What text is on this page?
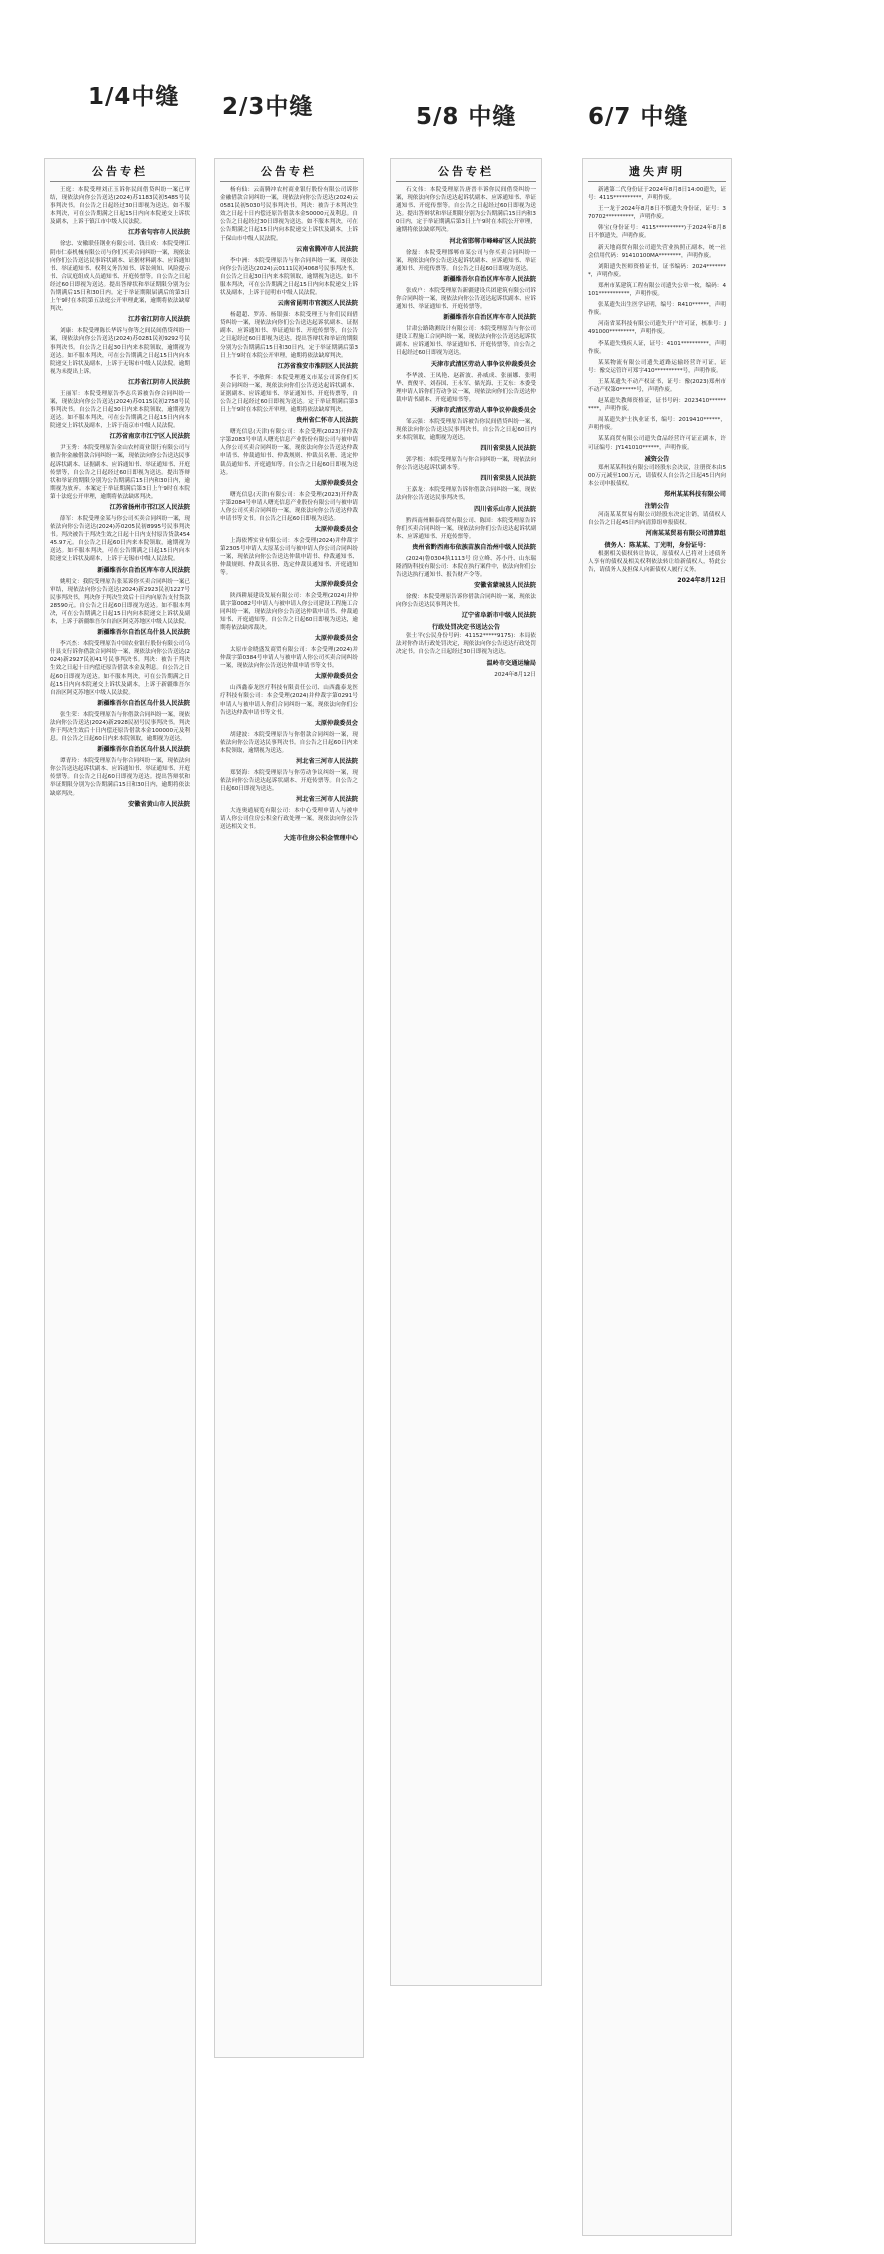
1/4中缝 2/3中缝	5/8 中缝	6/7 中缝
公告专栏
王庭：本院受理刘正玉诉你民间借贷纠纷一案已审结，现依法向你公告送达(2024)苏1183民初5485号民事判决书。自公告之日起经过30日即视为送达。如不服本判决，可在公告期满之日起15日内向本院递交上诉状及副本，上诉于镇江市中级人民法院。
江苏省句容市人民法院
徐忠、安徽联佳钢业有限公司、钱日成：本院受理江阴市仁泰机械有限公司与你们买卖合同纠纷一案，现依法向你们公告送达民事诉状副本、证据材料副本、应诉通知书、举证通知书、权利义务告知书、诉讼须知、风险提示书、合议庭组成人员通知书、开庭传票等。自公告之日起经过60日即视为送达。提出答辩状和举证期限分别为公告期满后15日和30日内。定于举证期限届满后的第3日上午9时在本院第五法庭公开审理此案，逾期将依法缺席判决。
江苏省江阴市人民法院
刘康：本院受理陈长华诉与你等之间民间借贷纠纷一案，现依法向你公告送达(2024)苏0281民初9292号民事判决书。自公告之日起30日内来本院领取，逾期视为送达。如不服本判决，可在公告期满之日起15日内向本院递交上诉状及副本，上诉于无锡市中级人民法院。逾期视为未提出上诉。
江苏省江阴市人民法院
王丽军：本院受理原告李志兵诉被告你合同纠纷一案，现依法向你公告送达(2024)苏0115民初2758号民事判决书。自公告之日起30日内来本院领取，逾期视为送达。如不服本判决，可在公告期满之日起15日内向本院递交上诉状及副本，上诉于南京市中级人民法院。
江苏省南京市江宁区人民法院
尹玉秀：本院受理原告金山农村商业银行有限公司与被告你金融借款合同纠纷一案，现依法向你公告送达民事起诉状副本、证据副本、应诉通知书、举证通知书、开庭传票等，自公告之日起经过60日即视为送达。提出答辩状和举证的期限分别为公告期满后15日内和30日内，逾期视为放弃。本案定于举证期满后第3日上午9时在本院第十法庭公开审理，逾期将依法缺席判决。
江苏省扬州市邗江区人民法院
薛军：本院受理金某与你公司买卖合同纠纷一案，现依法向你公告送达(2024)苏0205民初8995号民事判决书。判决被告于判决生效之日起十日内支付原告货款45445.97元。自公告之日起60日内来本院领取，逾期视为送达。如不服本判决，可在公告期满之日起15日内向本院递交上诉状及副本，上诉于无锡市中级人民法院。
新疆维吾尔自治区库车市人民法院
姚明文：我院受理原告张某诉你买卖合同纠纷一案已审结，现依法向你公告送达(2024)新2923民初1227号民事判决书，判决你于判决生效后十日内向原告支付货款28590元。自公告之日起60日即视为送达。如不服本判决，可在公告期满之日起15日内向本院递交上诉状及副本，上诉于新疆维吾尔自治区阿克苏地区中级人民法院。
新疆维吾尔自治区乌什县人民法院
李兴杰：本院受理原告中国农业银行股份有限公司乌什县支行诉你借款合同纠纷一案，现依法向你公告送达(2024)新2927民初41号民事判决书。判决：被告于判决生效之日起十日内偿还原告借款本金及利息。自公告之日起60日即视为送达。如不服本判决，可在公告期满之日起15日内向本院递交上诉状及副本，上诉于新疆维吾尔自治区阿克苏地区中级人民法院。
新疆维吾尔自治区乌什县人民法院
张生荣：本院受理原告与你借款合同纠纷一案，现依法向你公告送达(2024)新2928民初号民事判决书。判决你于判决生效后十日内偿还原告借款本金100000元及利息。自公告之日起60日内来本院领取，逾期视为送达。
新疆维吾尔自治区乌什县人民法院
谭青玲：本院受理原告与你合同纠纷一案，现依法向你公告送达起诉状副本、应诉通知书、举证通知书、开庭传票等。自公告之日起60日即视为送达。提出答辩状和举证期限分别为公告期满后15日和30日内，逾期将依法缺席判决。
安徽省黄山市人民法院
公告专栏
杨有仙：云南腾冲农村商业银行股份有限公司诉你金融借款合同纠纷一案，现依法向你公告送达(2024)云0581民初5030号民事判决书。判决：被告于本判决生效之日起十日内偿还原告借款本金50000元及利息。自公告之日起经过30日即视为送达。如不服本判决，可在公告期满之日起15日内向本院递交上诉状及副本，上诉于保山市中级人民法院。
云南省腾冲市人民法院
李中洲：本院受理原告与你合同纠纷一案，现依法向你公告送达(2024)云0111民初4068号民事判决书。自公告之日起30日内来本院领取，逾期视为送达。如不服本判决，可在公告期满之日起15日内向本院递交上诉状及副本，上诉于昆明市中级人民法院。
云南省昆明市官渡区人民法院
杨超超、罗涛、杨银强：本院受理王与你们民间借贷纠纷一案，现依法向你们公告送达起诉状副本、证据副本、应诉通知书、举证通知书、开庭传票等，自公告之日起经过60日即视为送达。提出答辩状和举证的期限分别为公告期满后15日和30日内，定于举证期满后第3日上午9时在本院公开审理，逾期将依法缺席判决。
江苏省淮安市淮阴区人民法院
李长平、李敏辉：本院受理遵义市某公司诉你们买卖合同纠纷一案，现依法向你们公告送达起诉状副本、证据副本、应诉通知书、举证通知书、开庭传票等，自公告之日起经过60日即视为送达。定于举证期满后第3日上午9时在本院公开审理，逾期将依法缺席判决。
贵州省仁怀市人民法院
曙光信息(天津)有限公司：本会受理(2023)开仲裁字第2083号申请人曙光信息产业股份有限公司与被申请人你公司买卖合同纠纷一案，现依法向你公告送达仲裁申请书、仲裁通知书、仲裁规则、仲裁员名册、选定仲裁员通知书、开庭通知等。自公告之日起60日即视为送达。
太原仲裁委员会
曙光信息(天津)有限公司：本会受理(2023)开仲裁字第2084号申请人曙光信息产业股份有限公司与被申请人你公司买卖合同纠纷一案，现依法向你公告送达仲裁申请书等文书。自公告之日起60日即视为送达。
太原仲裁委员会
上海依博实业有限公司：本会受理(2024)并仲裁字第2305号申请人太原某公司与被申请人你公司合同纠纷一案，现依法向你公告送达仲裁申请书、仲裁通知书、仲裁规则、仲裁员名册、选定仲裁员通知书、开庭通知等。
太原仲裁委员会
陕西耕展建设发展有限公司：本会受理(2024)并仲裁字第0082号申请人与被申请人你公司建设工程施工合同纠纷一案，现依法向你公告送达仲裁申请书、仲裁通知书、开庭通知等。自公告之日起60日即视为送达，逾期将依法缺席裁决。
太原仲裁委员会
太原市金晓盛发商贸有限公司：本会受理(2024)并仲裁字第0384号申请人与被申请人你公司买卖合同纠纷一案，现依法向你公告送达仲裁申请书等文书。
太原仲裁委员会
山西鑫泰龙医疗科技有限责任公司、山西鑫泰龙医疗科技有限公司：本会受理(2024)并仲裁字第0291号申请人与被申请人你们合同纠纷一案，现依法向你们公告送达仲裁申请书等文书。
太原仲裁委员会
胡建波：本院受理原告与你借款合同纠纷一案，现依法向你公告送达民事判决书。自公告之日起60日内来本院领取，逾期视为送达。
河北省三河市人民法院
郑贤海：本院受理原告与你劳动争议纠纷一案，现依法向你公告送达起诉状副本、开庭传票等。自公告之日起60日即视为送达。
河北省三河市人民法院
大连奥通展览有限公司：本中心受理申请人与被申请人你公司住房公积金行政处理一案，现依法向你公告送达相关文书。
大连市住房公积金管理中心
公告专栏
石文伟：本院受理原告唐晋丰诉你民间借贷纠纷一案，现依法向你公告送达起诉状副本、应诉通知书、举证通知书、开庭传票等。自公告之日起经过60日即视为送达。提出答辩状和举证期限分别为公告期满后15日内和30日内，定于举证期满后第3日上午9时在本院公开审理，逾期将依法缺席判决。
河北省邯郸市峰峰矿区人民法院
徐磊：本院受理邯郸市某公司与你买卖合同纠纷一案，现依法向你公告送达起诉状副本、应诉通知书、举证通知书、开庭传票等。自公告之日起60日即视为送达。
新疆维吾尔自治区库车市人民法院
张成户：本院受理原告新疆建设兵团建筑有限公司诉你合同纠纷一案，现依法向你公告送达起诉状副本、应诉通知书、举证通知书、开庭传票等。
新疆维吾尔自治区库车市人民法院
甘肃公路勘测设计有限公司：本院受理原告与你公司建设工程施工合同纠纷一案，现依法向你公告送达起诉状副本、应诉通知书、举证通知书、开庭传票等，自公告之日起经过60日即视为送达。
天津市武清区劳动人事争议仲裁委员会
李华波、王凤艳、赵新波、孙威成、张丽娜、张明华、贾俊平、刘春国、王永军、储光海、王艾东：本委受理申请人诉你们劳动争议一案，现依法向你们公告送达仲裁申请书副本、开庭通知书等。
天津市武清区劳动人事争议仲裁委员会
邹云强：本院受理原告诉被告你民间借贷纠纷一案，现依法向你公告送达民事判决书。自公告之日起60日内来本院领取，逾期视为送达。
四川省荣县人民法院
郭学根：本院受理原告与你合同纠纷一案，现依法向你公告送达起诉状副本等。
四川省荣县人民法院
王嘉龙：本院受理原告诉你借款合同纠纷一案，现依法向你公告送达民事判决书。
四川省乐山市人民法院
黔西南州顺泰商贸有限公司、陈国：本院受理原告诉你们买卖合同纠纷一案，现依法向你们公告送达起诉状副本、应诉通知书、开庭传票等。
贵州省黔西南布依族苗族自治州中级人民法院
(2024)鲁0304执1113号 房立峰、苏小丹、山东瑞隆消防科技有限公司：本院在执行案件中，依法向你们公告送达执行通知书、报告财产令等。
安徽省蒙城县人民法院
徐俊：本院受理原告诉你借款合同纠纷一案，现依法向你公告送达民事判决书。
辽宁省阜新市中级人民法院
行政处罚决定书送达公告
张士平(公民身份号码：41152*****9175)：本局依法对你作出行政处罚决定，现依法向你公告送达行政处罚决定书。自公告之日起经过30日即视为送达。
温岭市交通运输局
2024年8月12日
遗失声明
新港第二代身份证于2024年8月8日14:00遗失，证号：4115**********，声明作废。
王一龙于2024年8月8日不慎遗失身份证，证号：370702**********，声明作废。
韩宝(身份证号：4115**********)于2024年8月8日不慎遗失，声明作废。
新天地商贸有限公司遗失营业执照正副本，统一社会信用代码：91410100MA********，声明作废。
刘阳遗失医师资格证书，证书编码：2024********，声明作废。
郑州市某建筑工程有限公司遗失公章一枚，编码：4101***********，声明作废。
张某遗失出生医学证明，编号：R410******，声明作废。
河南省某科技有限公司遗失开户许可证，核准号：J491000*********，声明作废。
李某遗失残疾人证，证号：4101**********，声明作废。
某某物流有限公司遗失道路运输经营许可证，证号：豫交运管许可郑字410**********号，声明作废。
王某某遗失不动产权证书，证号：豫(2023)郑州市不动产权第0******号，声明作废。
赵某遗失教师资格证，证书号码：2023410**********，声明作废。
周某遗失护士执业证书，编号：2019410******，声明作废。
某某商贸有限公司遗失食品经营许可证正副本，许可证编号：JY141010******，声明作废。
减资公告
郑州某某科技有限公司经股东会决议，注册资本由500万元减至100万元，请债权人自公告之日起45日内向本公司申报债权。
郑州某某科技有限公司
注销公告
河南某某贸易有限公司经股东决定注销，请债权人自公告之日起45日内向清算组申报债权。
河南某某贸易有限公司清算组
债务人：陈某某、丁光明，身份证号：
根据相关债权转让协议，原债权人已将对上述债务人享有的债权及相关权利依法转让给新债权人，特此公告，请债务人及担保人向新债权人履行义务。
2024年8月12日
